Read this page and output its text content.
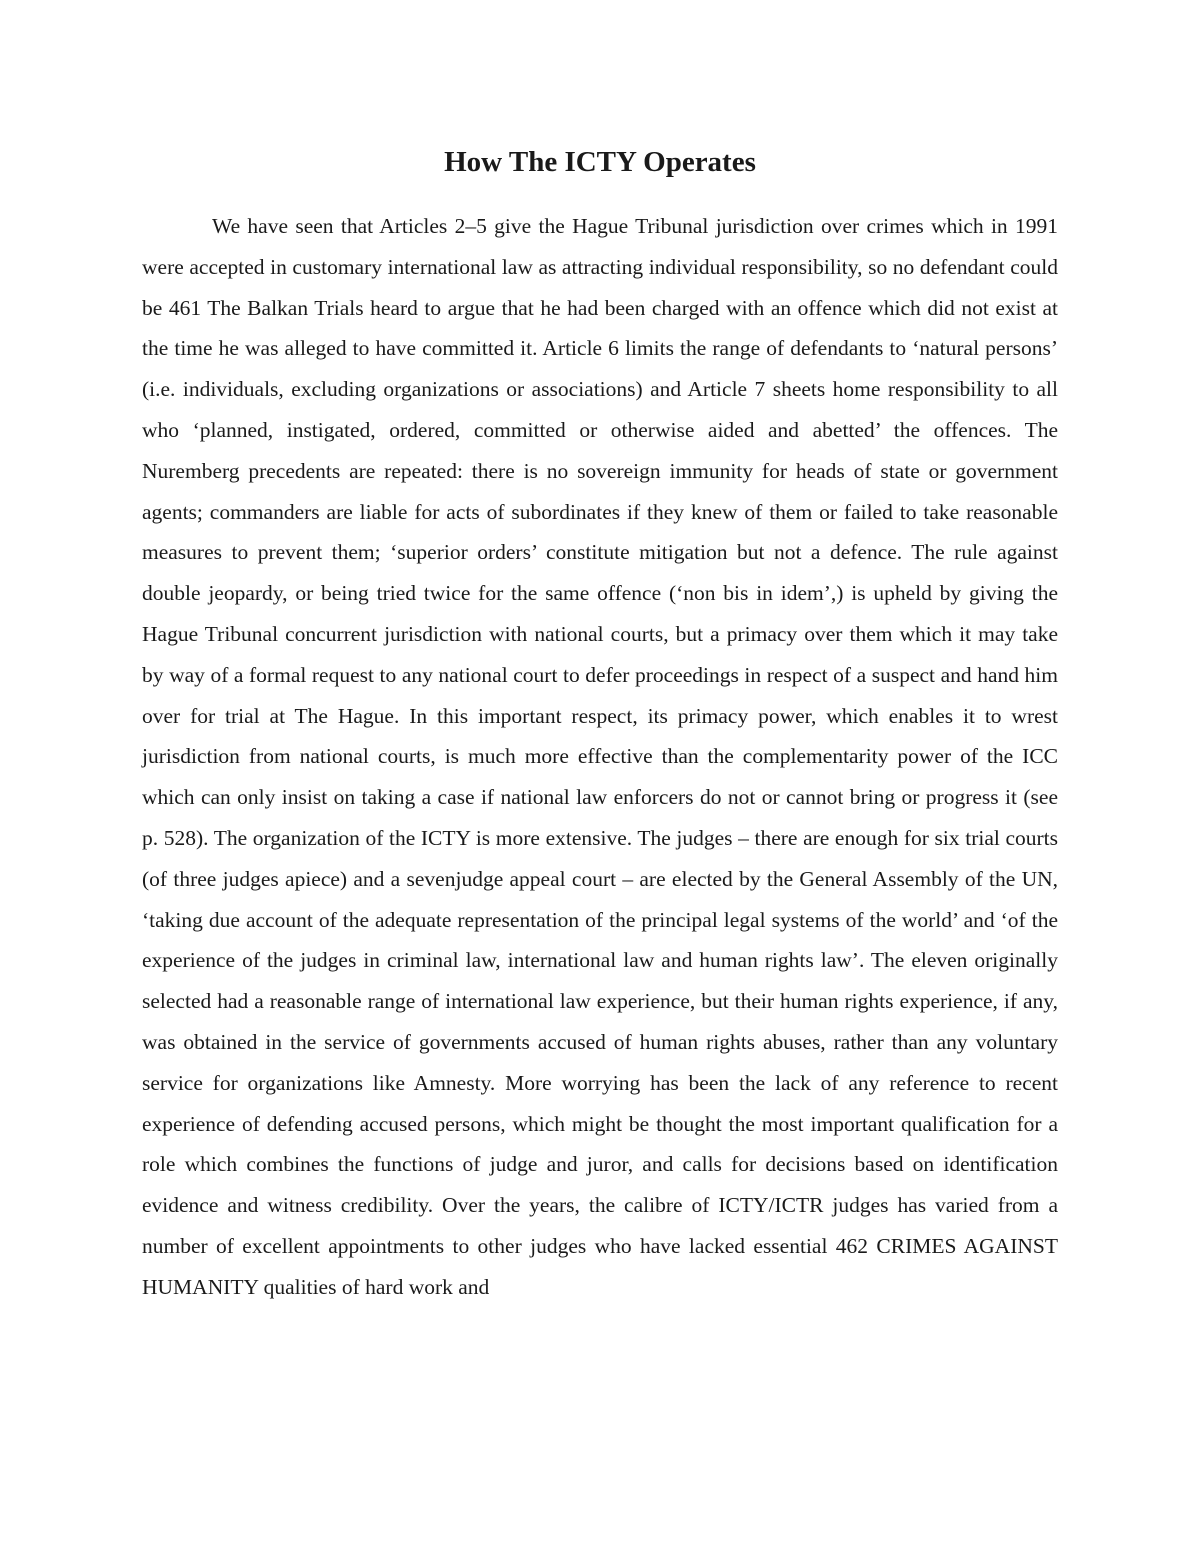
How The ICTY Operates

We have seen that Articles 2–5 give the Hague Tribunal jurisdiction over crimes which in 1991 were accepted in customary international law as attracting individual responsibility, so no defendant could be 461 The Balkan Trials heard to argue that he had been charged with an offence which did not exist at the time he was alleged to have committed it. Article 6 limits the range of defendants to ‘natural persons’ (i.e. individuals, excluding organizations or associations) and Article 7 sheets home responsibility to all who ‘planned, instigated, ordered, committed or otherwise aided and abetted’ the offences. The Nuremberg precedents are repeated: there is no sovereign immunity for heads of state or government agents; commanders are liable for acts of subordinates if they knew of them or failed to take reasonable measures to prevent them; ‘superior orders’ constitute mitigation but not a defence. The rule against double jeopardy, or being tried twice for the same offence (‘non bis in idem’,) is upheld by giving the Hague Tribunal concurrent jurisdiction with national courts, but a primacy over them which it may take by way of a formal request to any national court to defer proceedings in respect of a suspect and hand him over for trial at The Hague. In this important respect, its primacy power, which enables it to wrest jurisdiction from national courts, is much more effective than the complementarity power of the ICC which can only insist on taking a case if national law enforcers do not or cannot bring or progress it (see p. 528). The organization of the ICTY is more extensive. The judges – there are enough for six trial courts (of three judges apiece) and a sevenjudge appeal court – are elected by the General Assembly of the UN, ‘taking due account of the adequate representation of the principal legal systems of the world’ and ‘of the experience of the judges in criminal law, international law and human rights law’. The eleven originally selected had a reasonable range of international law experience, but their human rights experience, if any, was obtained in the service of governments accused of human rights abuses, rather than any voluntary service for organizations like Amnesty. More worrying has been the lack of any reference to recent experience of defending accused persons, which might be thought the most important qualification for a role which combines the functions of judge and juror, and calls for decisions based on identification evidence and witness credibility. Over the years, the calibre of ICTY/ICTR judges has varied from a number of excellent appointments to other judges who have lacked essential 462 CRIMES AGAINST HUMANITY qualities of hard work and
